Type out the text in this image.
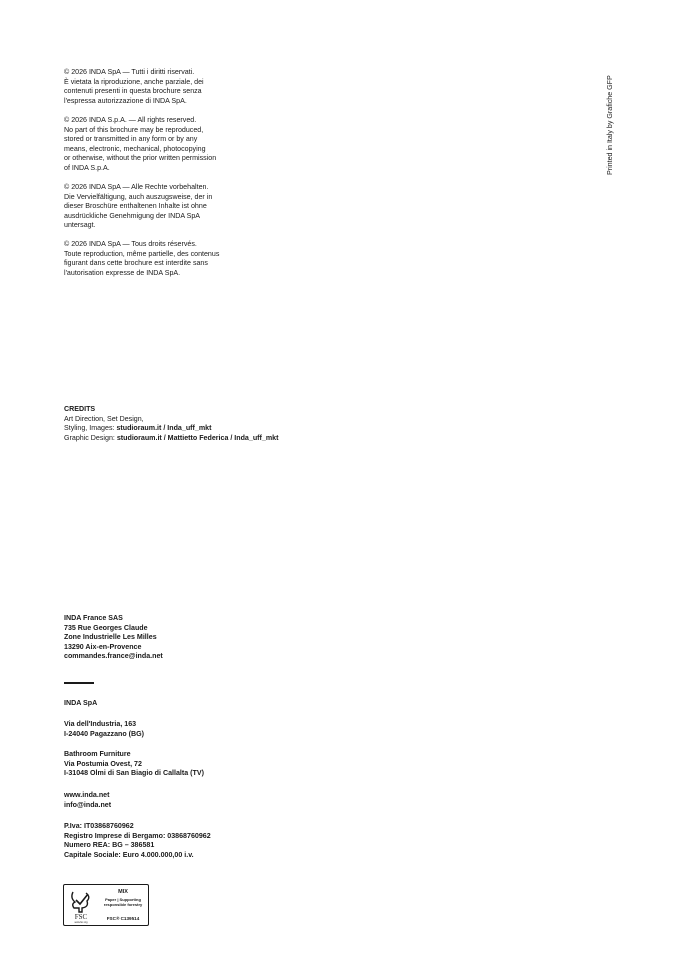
© 2026 INDA SpA — Tutti i diritti riservati.
È vietata la riproduzione, anche parziale, dei
contenuti presenti in questa brochure senza
l'espressa autorizzazione di INDA SpA.
© 2026 INDA S.p.A. — All rights reserved.
No part of this brochure may be reproduced,
stored or transmitted in any form or by any
means, electronic, mechanical, photocopying
or otherwise, without the prior written permission
of INDA S.p.A.
© 2026 INDA SpA — Alle Rechte vorbehalten.
Die Vervielfältigung, auch auszugsweise, der in
dieser Broschüre enthaltenen Inhalte ist ohne
ausdrückliche Genehmigung der INDA SpA
untersagt.
© 2026 INDA SpA — Tous droits réservés.
Toute reproduction, même partielle, des contenus
figurant dans cette brochure est interdite sans
l'autorisation expresse de INDA SpA.
Printed in Italy by Grafiche GFP
CREDITS
Art Direction, Set Design,
Styling, Images: studioraum.it / Inda_uff_mkt
Graphic Design: studioraum.it / Mattietto Federica / Inda_uff_mkt
INDA France SAS
735 Rue Georges Claude
Zone Industrielle Les Milles
13290 Aix-en-Provence
commandes.france@inda.net
INDA SpA
Via dell'Industria, 163
I-24040 Pagazzano (BG)
Bathroom Furniture
Via Postumia Ovest, 72
I-31048 Olmi di San Biagio di Callalta (TV)
www.inda.net
info@inda.net
P.Iva: IT03868760962
Registro Imprese di Bergamo: 03868760962
Numero REA: BG – 386581
Capitale Sociale: Euro 4.000.000,00 i.v.
FSC
www.fsc.org
MIX
Paper | Supporting
responsible forestry
FSC® C139514
